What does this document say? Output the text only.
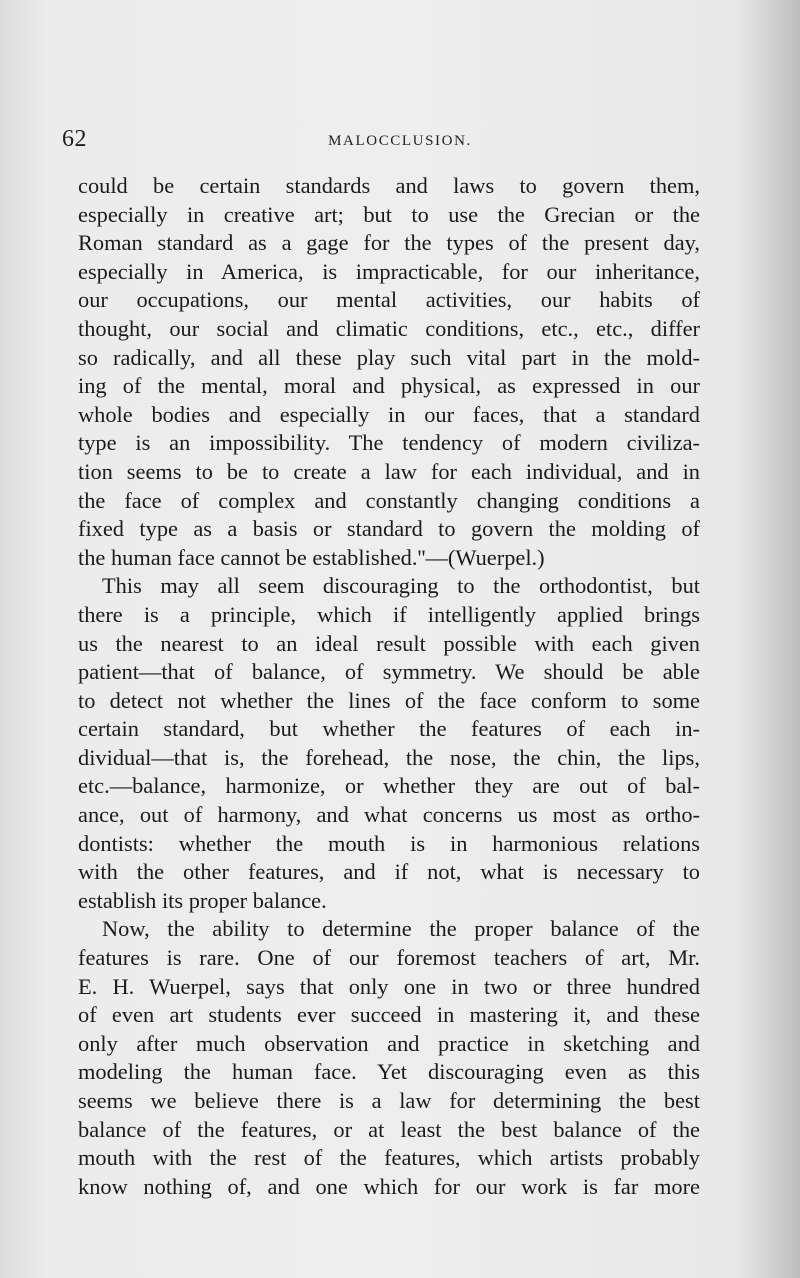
62	MALOCCLUSION.
could be certain standards and laws to govern them,
especially in creative art; but to use the Grecian or the
Roman standard as a gage for the types of the present day,
especially in America, is impracticable, for our inheritance,
our occupations, our mental activities, our habits of
thought, our social and climatic conditions, etc., etc., differ
so radically, and all these play such vital part in the mold-
ing of the mental, moral and physical, as expressed in our
whole bodies and especially in our faces, that a standard
type is an impossibility. The tendency of modern civiliza-
tion seems to be to create a law for each individual, and in
the face of complex and constantly changing conditions a
fixed type as a basis or standard to govern the molding of
the human face cannot be established.''—(Wuerpel.)
This may all seem discouraging to the orthodontist, but
there is a principle, which if intelligently applied brings
us the nearest to an ideal result possible with each given
patient—that of balance, of symmetry. We should be able
to detect not whether the lines of the face conform to some
certain standard, but whether the features of each in-
dividual—that is, the forehead, the nose, the chin, the lips,
etc.—balance, harmonize, or whether they are out of bal-
ance, out of harmony, and what concerns us most as ortho-
dontists: whether the mouth is in harmonious relations
with the other features, and if not, what is necessary to
establish its proper balance.
Now, the ability to determine the proper balance of the
features is rare. One of our foremost teachers of art, Mr.
E. H. Wuerpel, says that only one in two or three hundred
of even art students ever succeed in mastering it, and these
only after much observation and practice in sketching and
modeling the human face. Yet discouraging even as this
seems we believe there is a law for determining the best
balance of the features, or at least the best balance of the
mouth with the rest of the features, which artists probably
know nothing of, and one which for our work is far more
